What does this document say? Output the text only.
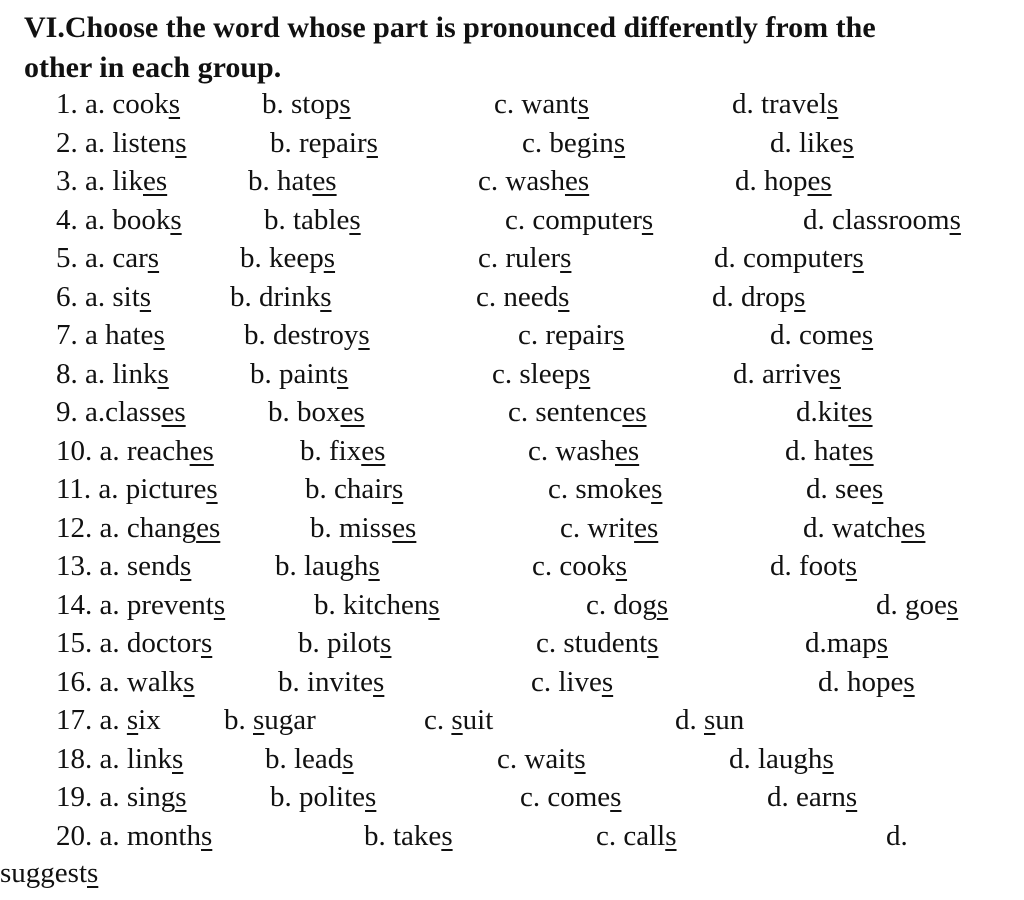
VI.Choose the word whose part is pronounced differently from the
other in each group.
1. a. cooks	b. stops	c. wants	d. travels
2. a. listens	b. repairs	c. begins	d. likes
3. a. likes	b. hates	c. washes	d. hopes
4. a. books	b. tables	c. computers	d. classrooms
5. a. cars	b. keeps	c. rulers	d. computers
6. a. sits	b. drinks	c. needs	d. drops
7. a hates	b. destroys	c. repairs	d. comes
8. a. links	b. paints	c. sleeps	d. arrives
9. a.classes	b. boxes	c. sentences	d.kites
10. a. reaches	b. fixes	c. washes	d. hates
11. a. pictures	b. chairs	c. smokes	d. sees
12. a. changes	b. misses	c. writes	d. watches
13. a. sends	b. laughs	c. cooks	d. foots
14. a. prevents	b. kitchens	c. dogs	d. goes
15. a. doctors	b. pilots	c. students	d.maps
16. a. walks	b. invites	c. lives	d. hopes
17. a. six b. sugar	c. suit	d. sun
18. a. links	b. leads	c. waits	d. laughs
19. a. sings	b. polites	c. comes	d. earns
20. a. months	b. takes	c. calls	d.
suggests
